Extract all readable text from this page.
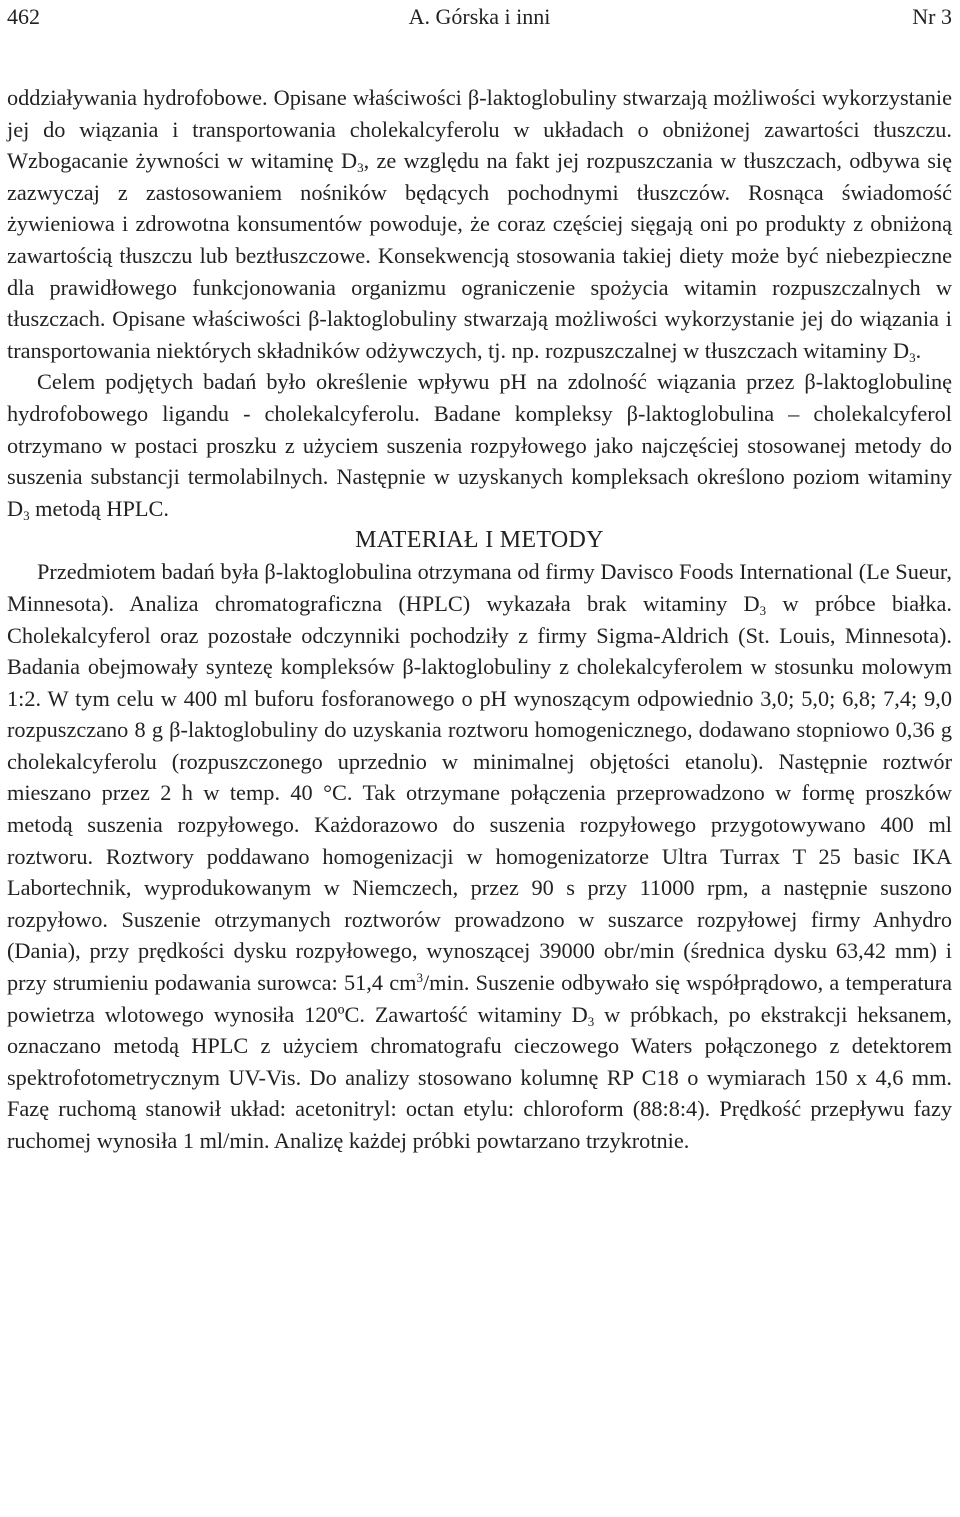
462	A. Górska i inni	Nr 3

oddziaływania hydrofobowe. Opisane właściwości β-laktoglobuliny stwarzają możliwości wykorzystanie jej do wiązania i transportowania cholekalcyferolu w układach o obniżonej zawartości tłuszczu. Wzbogacanie żywności w witaminę $D_3$, ze względu na fakt jej rozpuszczania w tłuszczach, odbywa się zazwyczaj z zastosowaniem nośników będących pochodnymi tłuszczów. Rosnąca świadomość żywieniowa i zdrowotna konsumentów powoduje, że coraz częściej sięgają oni po produkty z obniżoną zawartością tłuszczu lub beztłuszczowe. Konsekwencją stosowania takiej diety może być niebezpieczne dla prawidłowego funkcjonowania organizmu ograniczenie spożycia witamin rozpuszczalnych w tłuszczach. Opisane właściwości β-laktoglobuliny stwarzają możliwości wykorzystanie jej do wiązania i transportowania niektórych składników odżywczych, tj. np. rozpuszczalnej w tłuszczach witaminy $D_3$.

Celem podjętych badań było określenie wpływu pH na zdolność wiązania przez β-laktoglobulinę hydrofobowego ligandu - cholekalcyferolu. Badane kompleksy β-laktoglobulina – cholekalcyferol otrzymano w postaci proszku z użyciem suszenia rozpyłowego jako najczęściej stosowanej metody do suszenia substancji termolabilnych. Następnie w uzyskanych kompleksach określono poziom witaminy $D_3$ metodą HPLC.

MATERIAŁ I METODY

Przedmiotem badań była β-laktoglobulina otrzymana od firmy Davisco Foods International (Le Sueur, Minnesota). Analiza chromatograficzna (HPLC) wykazała brak witaminy $D_3$ w próbce białka. Cholekalcyferol oraz pozostałe odczynniki pochodziły z firmy Sigma-Aldrich (St. Louis, Minnesota). Badania obejmowały syntezę kompleksów β-laktoglobuliny z cholekalcyferolem w stosunku molowym 1:2. W tym celu w 400 ml buforu fosforanowego o pH wynoszącym odpowiednio 3,0; 5,0; 6,8; 7,4; 9,0 rozpuszczano 8 g β-laktoglobuliny do uzyskania roztworu homogenicznego, dodawano stopniowo 0,36 g cholekalcyferolu (rozpuszczonego uprzednio w minimalnej objętości etanolu). Następnie roztwór mieszano przez 2 h w temp. 40 °C. Tak otrzymane połączenia przeprowadzono w formę proszków metodą suszenia rozpyłowego. Każdorazowo do suszenia rozpyłowego przygotowywano 400 ml roztworu. Roztwory poddawano homogenizacji w homogenizatorze Ultra Turrax T 25 basic IKA Labortechnik, wyprodukowanym w Niemczech, przez 90 s przy 11000 rpm, a następnie suszono rozpyłowo. Suszenie otrzymanych roztworów prowadzono w suszarce rozpyłowej firmy Anhydro (Dania), przy prędkości dysku rozpyłowego, wynoszącej 39000 obr/min (średnica dysku 63,42 mm) i przy strumieniu podawania surowca: 51,4 $cm^3/\min$. Suszenie odbywało się współprądowo, a temperatura powietrza wlotowego wynosiła 120ºC. Zawartość witaminy $D_3$ w próbkach, po ekstrakcji heksanem, oznaczano metodą HPLC z użyciem chromatografu cieczowego Waters połączonego z detektorem spektrofotometrycznym UV-Vis. Do analizy stosowano kolumnę RP C18 o wymiarach 150 x 4,6 mm. Fazę ruchomą stanowił układ: acetonitryl: octan etylu: chloroform (88:8:4). Prędkość przepływu fazy ruchomej wynosiła 1 ml/min. Analizę każdej próbki powtarzano trzykrotnie.
